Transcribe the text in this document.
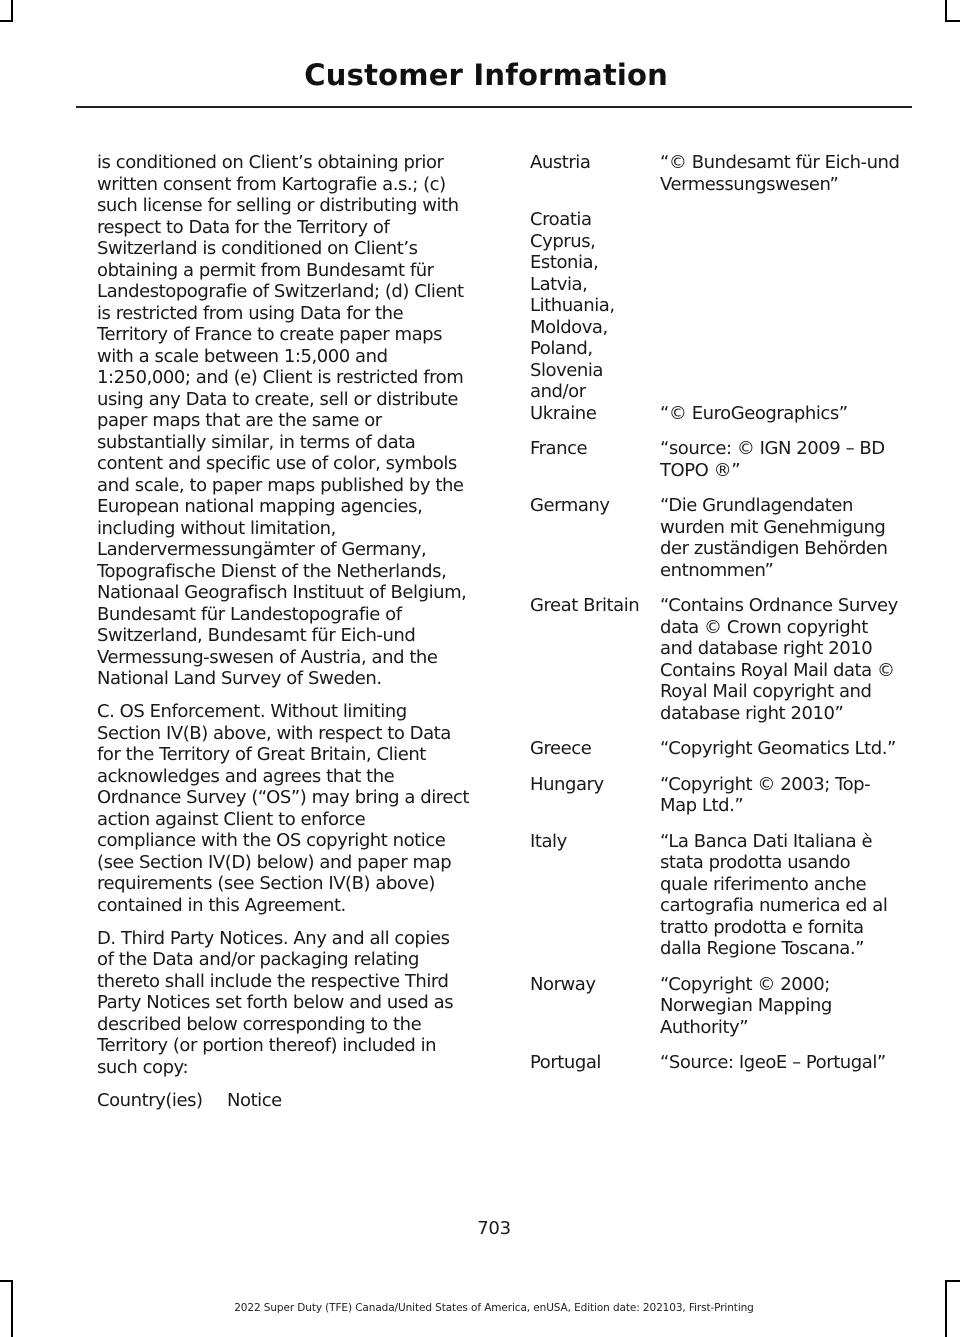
Customer Information

is conditioned on Client’s obtaining prior written consent from Kartografie a.s.; (c) such license for selling or distributing with respect to Data for the Territory of Switzerland is conditioned on Client’s obtaining a permit from Bundesamt für Landestopografie of Switzerland; (d) Client is restricted from using Data for the Territory of France to create paper maps with a scale between 1:5,000 and 1:250,000; and (e) Client is restricted from using any Data to create, sell or distribute paper maps that are the same or substantially similar, in terms of data content and specific use of color, symbols and scale, to paper maps published by the European national mapping agencies, including without limitation, Landervermessungämter of Germany, Topografische Dienst of the Netherlands, Nationaal Geografisch Instituut of Belgium, Bundesamt für Landestopografie of Switzerland, Bundesamt für Eich-und Vermessung-swesen of Austria, and the National Land Survey of Sweden.

C. OS Enforcement. Without limiting Section IV(B) above, with respect to Data for the Territory of Great Britain, Client acknowledges and agrees that the Ordnance Survey (“OS”) may bring a direct action against Client to enforce compliance with the OS copyright notice (see Section IV(D) below) and paper map requirements (see Section IV(B) above) contained in this Agreement.

D. Third Party Notices. Any and all copies of the Data and/or packaging relating thereto shall include the respective Third Party Notices set forth below and used as described below corresponding to the Territory (or portion thereof) included in such copy:

Country(ies)	Notice
Austria	“© Bundesamt für Eich-und Vermessungswesen”
Croatia
Cyprus,
Estonia,
Latvia,
Lithuania,
Moldova,
Poland,
Slovenia
and/or
Ukraine	“© EuroGeographics”
France	“source: © IGN 2009 – BD TOPO ®”
Germany	“Die Grundlagendaten wurden mit Genehmigung der zuständigen Behörden entnommen”
Great Britain	“Contains Ordnance Survey data © Crown copyright and database right 2010 Contains Royal Mail data © Royal Mail copyright and database right 2010”
Greece	“Copyright Geomatics Ltd.”
Hungary	“Copyright © 2003; Top-Map Ltd.”
Italy	“La Banca Dati Italiana è stata prodotta usando quale riferimento anche cartografia numerica ed al tratto prodotta e fornita dalla Regione Toscana.”
Norway	“Copyright © 2000; Norwegian Mapping Authority”
Portugal	“Source: IgeoE – Portugal”
703
2022 Super Duty (TFE) Canada/United States of America, enUSA, Edition date: 202103, First-Printing
